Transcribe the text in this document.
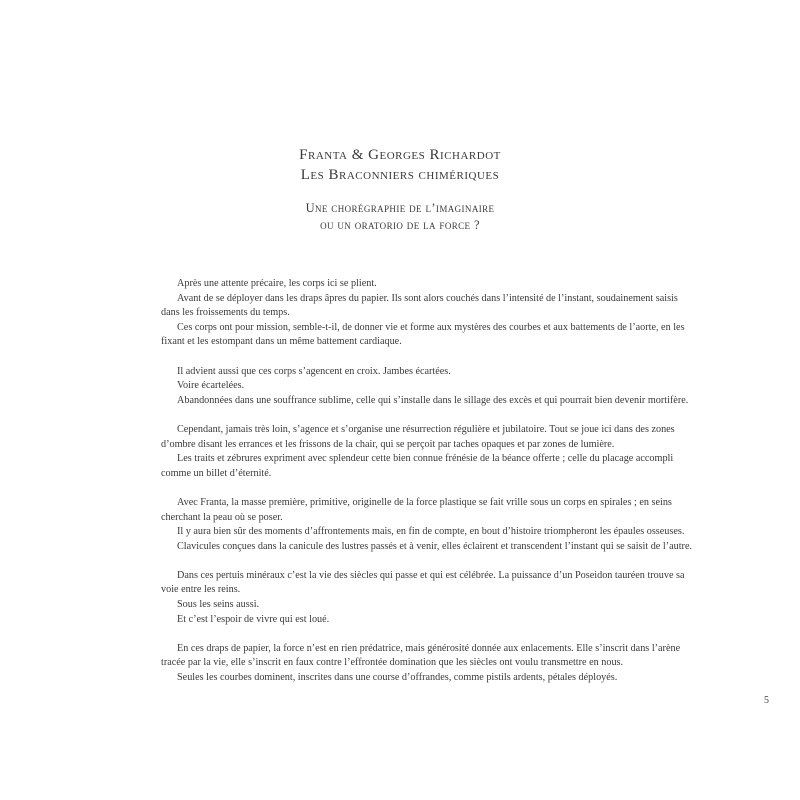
Franta & Georges Richardot
Les Braconniers chimériques
Une chorégraphie de l’imaginaire
ou un oratorio de la force ?
Après une attente précaire, les corps ici se plient.
Avant de se déployer dans les draps âpres du papier. Ils sont alors couchés dans l’intensité de l’instant, soudainement saisis
dans les froissements du temps.
Ces corps ont pour mission, semble-t-il, de donner vie et forme aux mystères des courbes et aux battements de l’aorte, en les
fixant et les estompant dans un même battement cardiaque.
Il advient aussi que ces corps s’agencent en croix. Jambes écartées.
Voire écartelées.
Abandonnées dans une souffrance sublime, celle qui s’installe dans le sillage des excès et qui pourrait bien devenir mortifère.
Cependant, jamais très loin, s’agence et s’organise une résurrection régulière et jubilatoire. Tout se joue ici dans des zones
d’ombre disant les errances et les frissons de la chair, qui se perçoit par taches opaques et par zones de lumière.
Les traits et zébrures expriment avec splendeur cette bien connue frénésie de la béance offerte ; celle du placage accompli
comme un billet d’éternité.
Avec Franta, la masse première, primitive, originelle de la force plastique se fait vrille sous un corps en spirales ; en seins
cherchant la peau où se poser.
Il y aura bien sûr des moments d’affrontements mais, en fin de compte, en bout d’histoire triompheront les épaules osseuses.
Clavicules conçues dans la canicule des lustres passés et à venir, elles éclairent et transcendent l’instant qui se saisit de l’autre.
Dans ces pertuis minéraux c’est la vie des siècles qui passe et qui est célébrée. La puissance d’un Poseidon tauréen trouve sa
voie entre les reins.
Sous les seins aussi.
Et c’est l’espoir de vivre qui est loué.
En ces draps de papier, la force n’est en rien prédatrice, mais générosité donnée aux enlacements. Elle s’inscrit dans l’arène
tracée par la vie, elle s’inscrit en faux contre l’effrontée domination que les siècles ont voulu transmettre en nous.
Seules les courbes dominent, inscrites dans une course d’offrandes, comme pistils ardents, pétales déployés.
5
